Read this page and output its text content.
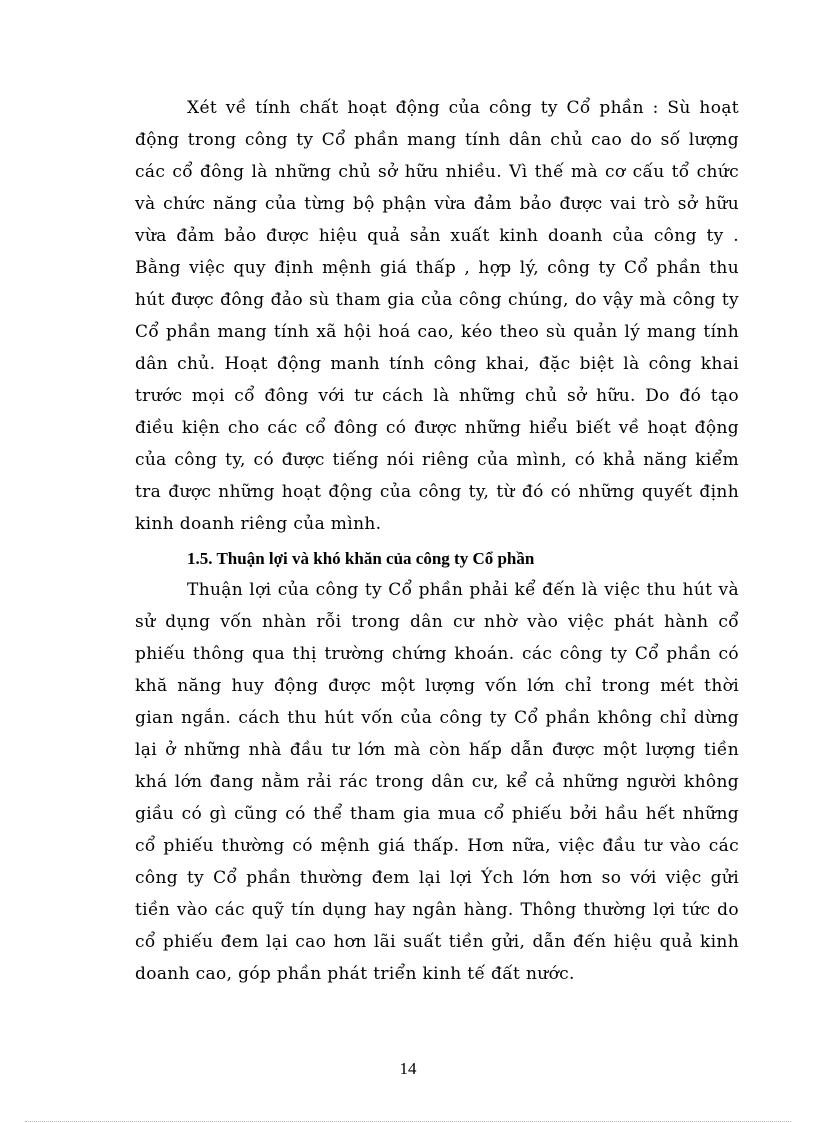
Xét về tính chất hoạt động của công ty Cổ phần : Sù hoạt
động trong công ty Cổ phần mang tính dân chủ cao do số lượng
các cổ đông là những chủ sở hữu nhiều. Vì thế mà cơ cấu tổ chức
và chức năng của từng bộ phận vừa đảm bảo được vai trò sở hữu
vừa đảm bảo được hiệu quả sản xuất kinh doanh của công ty .
Bằng việc quy định mệnh giá thấp , hợp lý, công ty Cổ phần thu
hút được đông đảo sù tham gia của công chúng, do vậy mà công ty
Cổ phần mang tính xã hội hoá cao, kéo theo sù quản lý mang tính
dân chủ. Hoạt động manh tính công khai, đặc biệt là công khai
trước mọi cổ đông với tư cách là những chủ sở hữu. Do đó tạo
điều kiện cho các cổ đông có được những hiểu biết về hoạt động
của công ty, có được tiếng nói riêng của mình, có khả năng kiểm
tra được những hoạt động của công ty, từ đó có những quyết định
kinh doanh riêng của mình.
1.5. Thuận lợi và khó khăn của công ty Cổ phần
Thuận lợi của công ty Cổ phần phải kể đến là việc thu hút và
sử dụng vốn nhàn rỗi trong dân cư nhờ vào việc phát hành cổ
phiếu thông qua thị trường chứng khoán. các công ty Cổ phần có
khă năng huy động được một lượng vốn lớn chỉ trong mét thời
gian ngắn. cách thu hút vốn của công ty Cổ phần không chỉ dừng
lại ở những nhà đầu tư lớn mà còn hấp dẫn được một lượng tiền
khá lớn đang nằm rải rác trong dân cư, kể cả những người không
giầu có gì cũng có thể tham gia mua cổ phiếu bởi hầu hết những
cổ phiếu thường có mệnh giá thấp. Hơn nữa, việc đầu tư vào các
công ty Cổ phần thường đem lại lợi Ých lớn hơn so với việc gửi
tiền vào các quỹ tín dụng hay ngân hàng. Thông thường lợi tức do
cổ phiếu đem lại cao hơn lãi suất tiền gửi, dẫn đến hiệu quả kinh
doanh cao, góp phần phát triển kinh tế đất nước.
14
